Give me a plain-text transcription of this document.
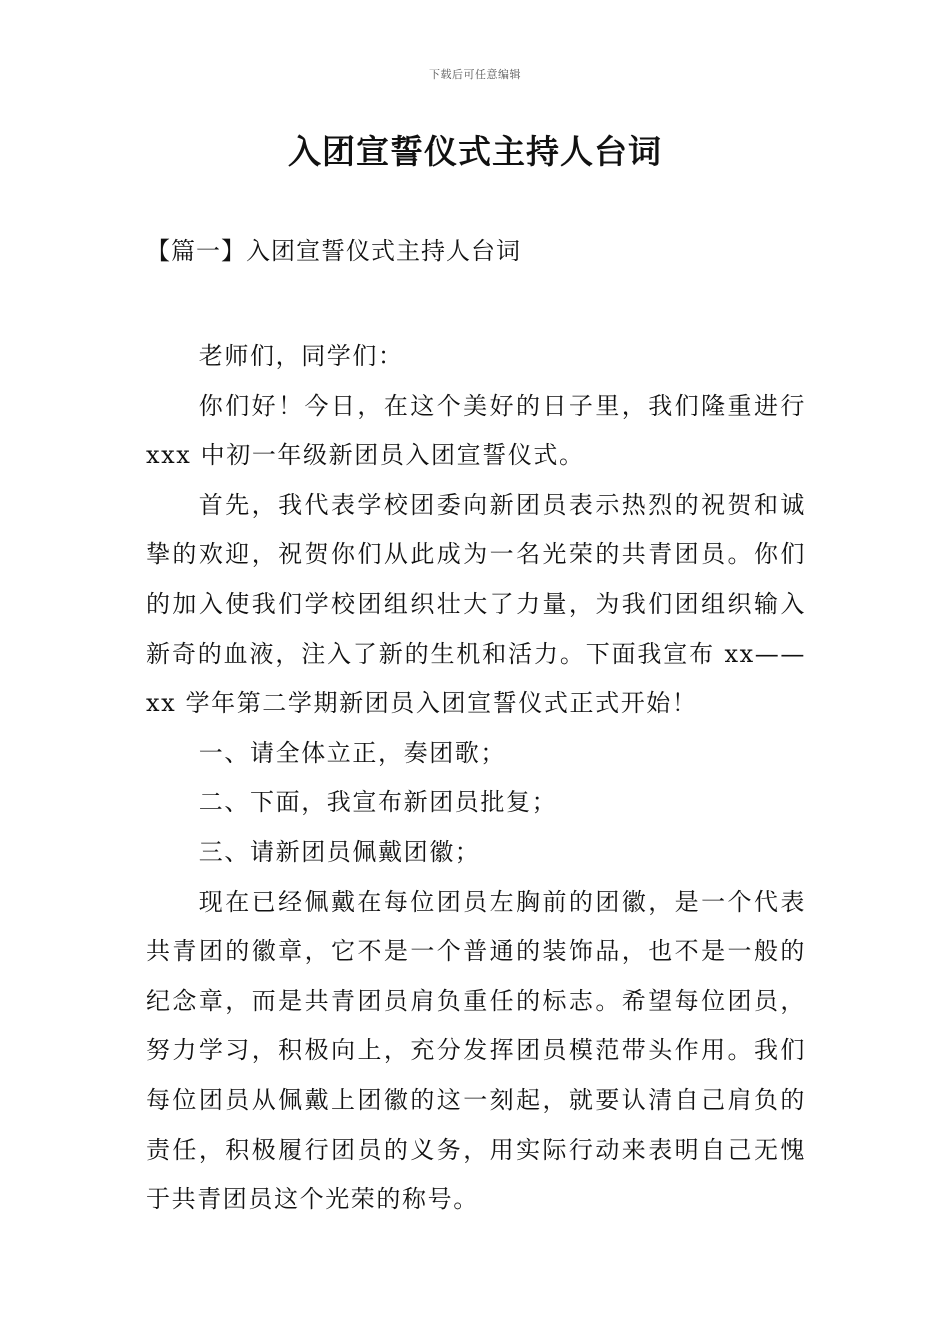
下载后可任意编辑
入团宣誓仪式主持人台词
【篇一】入团宣誓仪式主持人台词

老师们，同学们：

你们好！今日，在这个美好的日子里，我们隆重进行 xxx 中初一年级新团员入团宣誓仪式。

首先，我代表学校团委向新团员表示热烈的祝贺和诚挚的欢迎，祝贺你们从此成为一名光荣的共青团员。你们的加入使我们学校团组织壮大了力量，为我们团组织输入新奇的血液，注入了新的生机和活力。下面我宣布 xx——xx 学年第二学期新团员入团宣誓仪式正式开始！

一、请全体立正，奏团歌；

二、下面，我宣布新团员批复；

三、请新团员佩戴团徽；

现在已经佩戴在每位团员左胸前的团徽，是一个代表共青团的徽章，它不是一个普通的装饰品，也不是一般的纪念章，而是共青团员肩负重任的标志。希望每位团员，努力学习，积极向上，充分发挥团员模范带头作用。我们每位团员从佩戴上团徽的这一刻起，就要认清自己肩负的责任，积极履行团员的义务，用实际行动来表明自己无愧于共青团员这个光荣的称号。
